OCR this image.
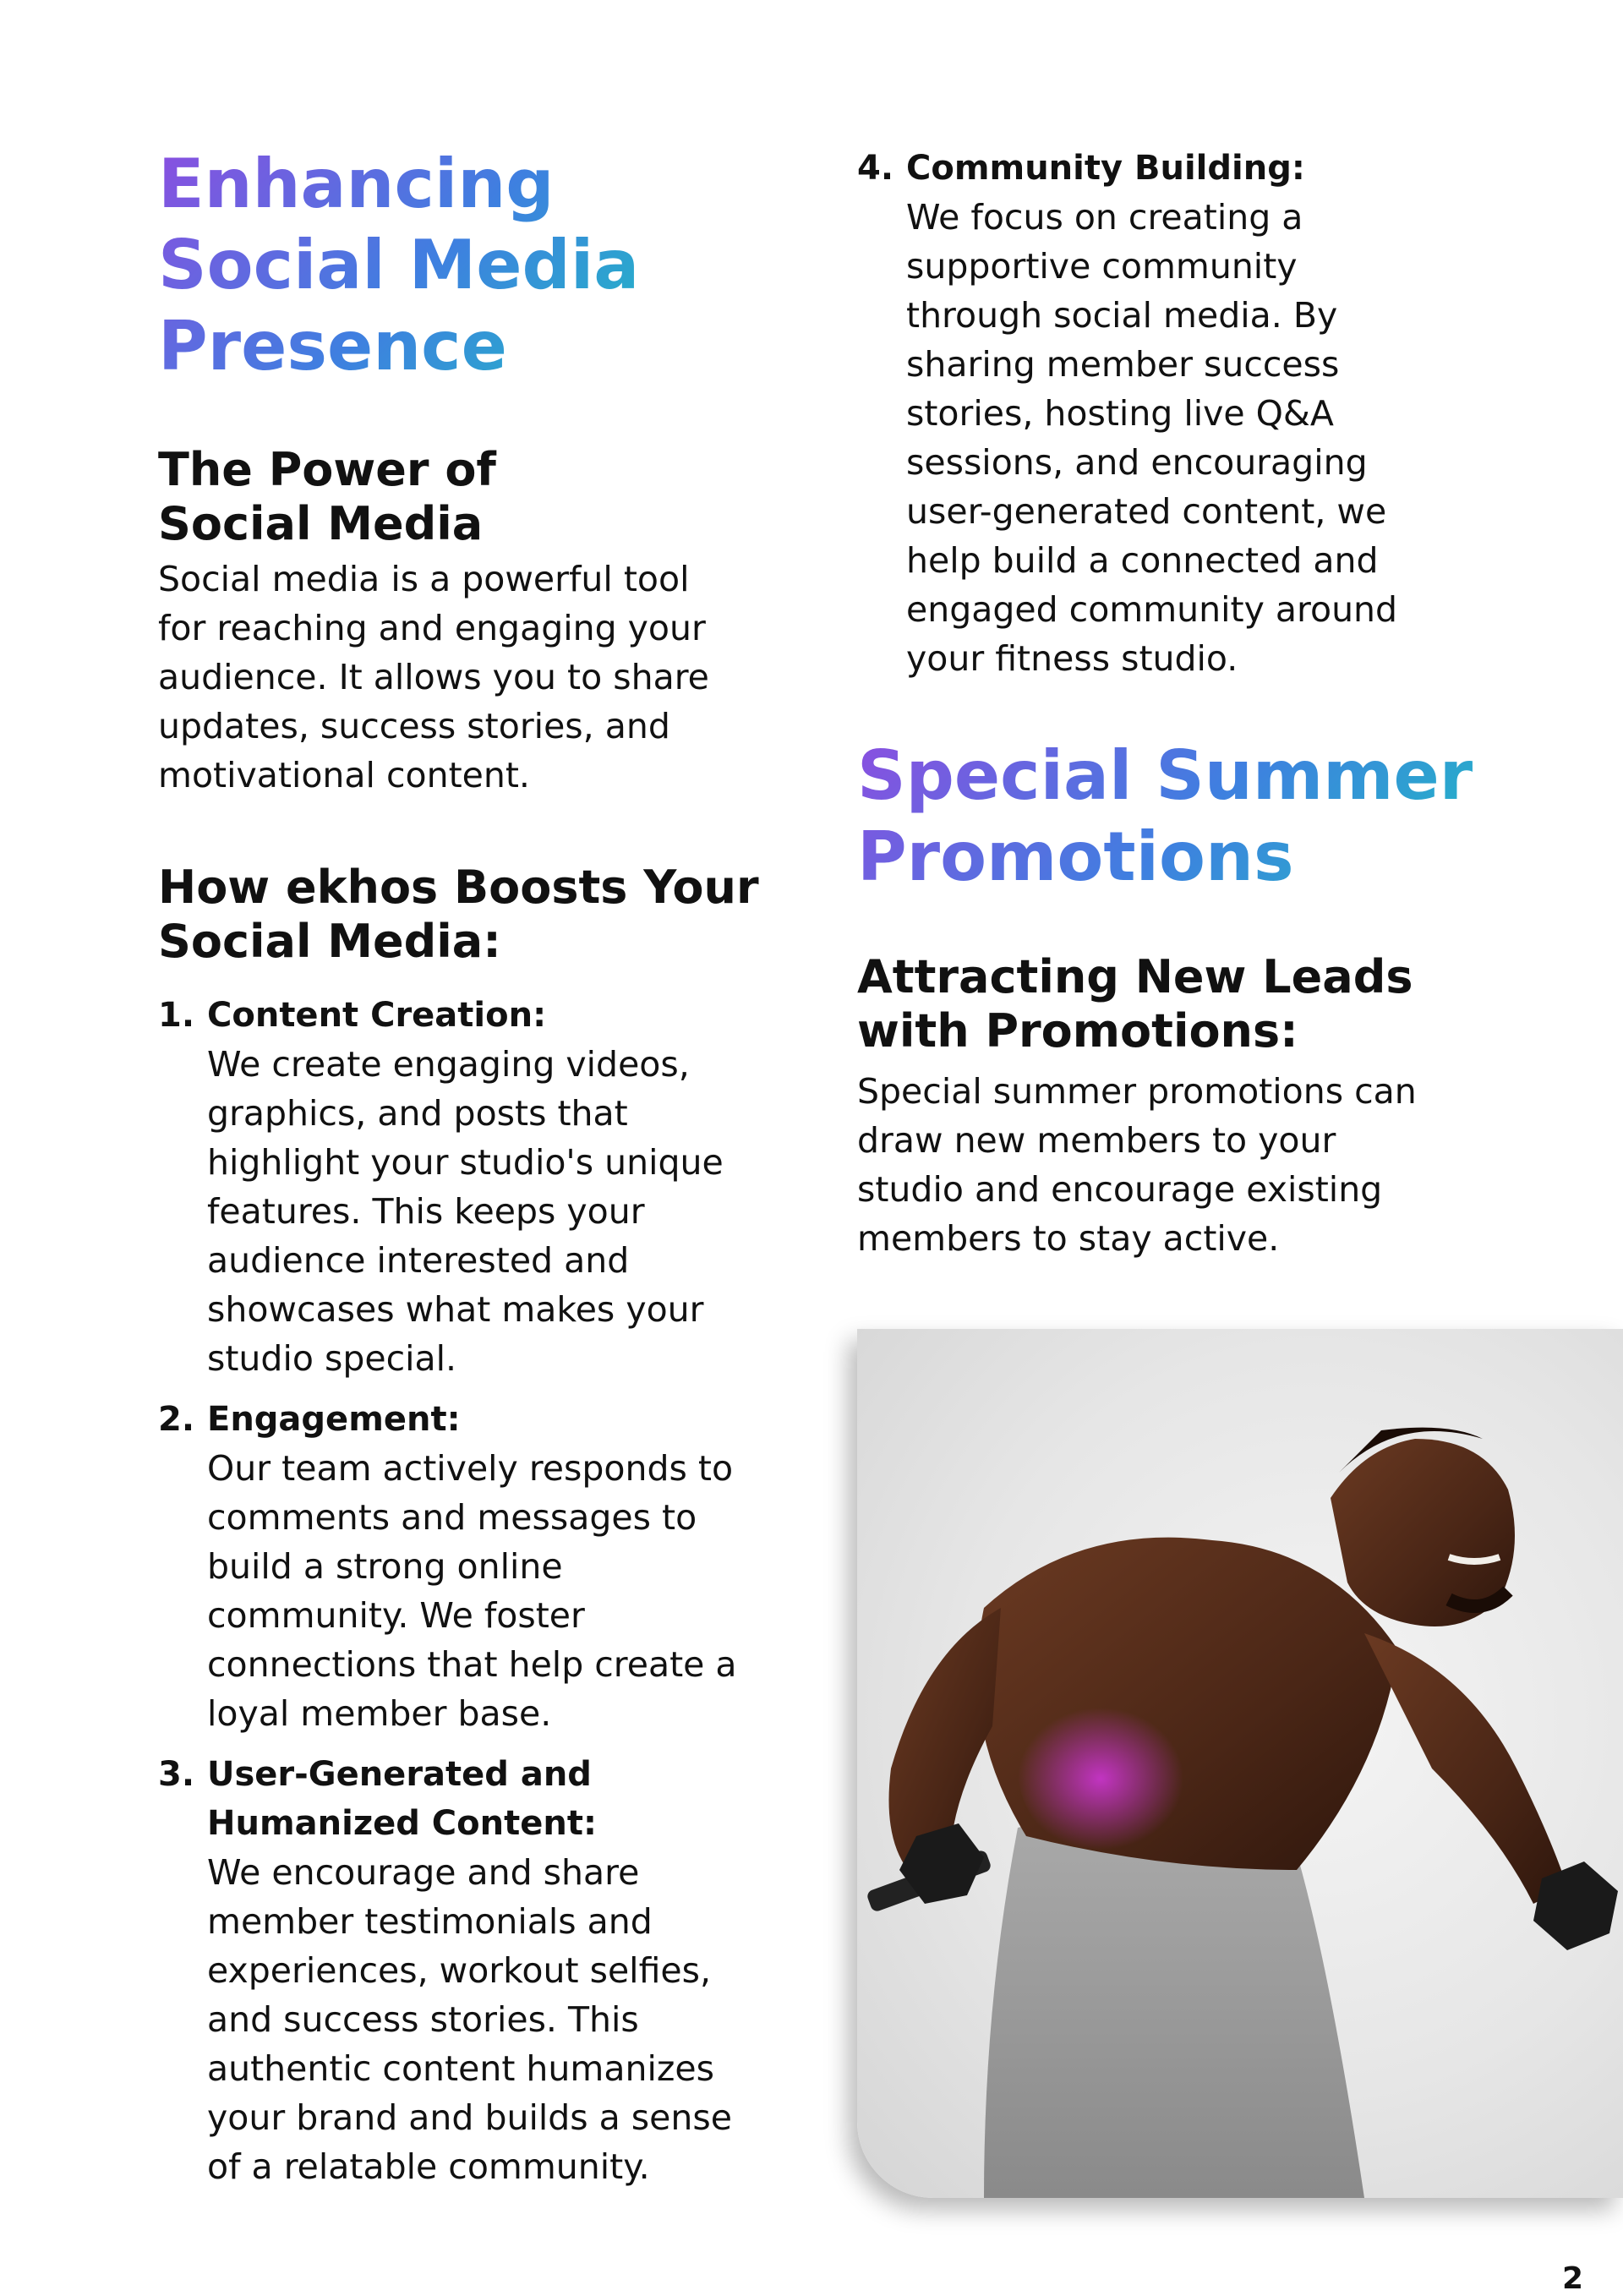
Enhancing
Social Media
Presence
The Power of
Social Media

Social media is a powerful tool
for reaching and engaging your
audience. It allows you to share
updates, success stories, and
motivational content.

How ekhos Boosts Your
Social Media:
1. Content Creation:
We create engaging videos,
graphics, and posts that
highlight your studio's unique
features. This keeps your
audience interested and
showcases what makes your
studio special.
2. Engagement:
Our team actively responds to
comments and messages to
build a strong online
community. We foster
connections that help create a
loyal member base.
3. User-Generated and
Humanized Content:
We encourage and share
member testimonials and
experiences, workout selfies,
and success stories. This
authentic content humanizes
your brand and builds a sense
of a relatable community.
4. Community Building:
We focus on creating a
supportive community
through social media. By
sharing member success
stories, hosting live Q&A
sessions, and encouraging
user-generated content, we
help build a connected and
engaged community around
your fitness studio.
Special Summer
Promotions
Attracting New Leads
with Promotions:

Special summer promotions can
draw new members to your
studio and encourage existing
members to stay active.

2
